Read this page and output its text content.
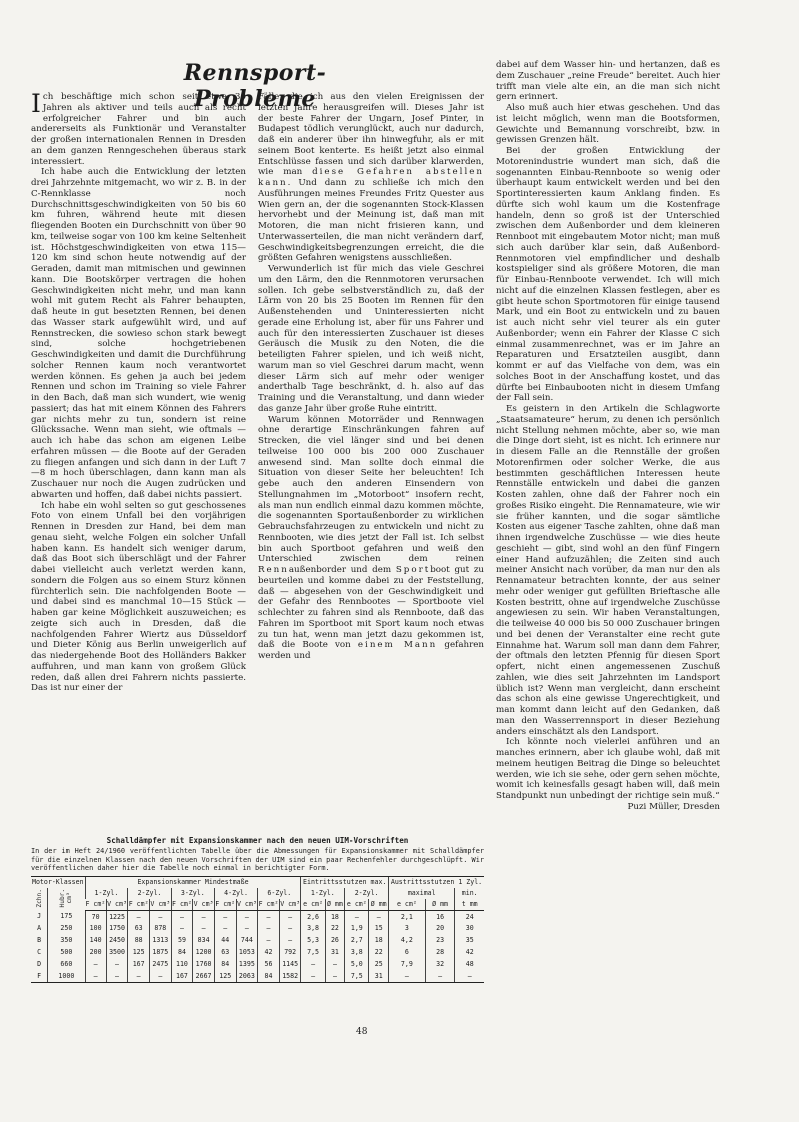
Rennsport-Probleme

Ich beschäftige mich schon seit etwa 30 Jahren als aktiver und teils auch als recht erfolgreicher Fahrer und bin auch andererseits als Funktionär und Veranstalter der großen internationalen Rennen in Dresden an dem ganzen Renngeschehen überaus stark interessiert.

Ich habe auch die Entwicklung der letzten drei Jahrzehnte mitgemacht, wo wir z. B. in der C-Rennklasse noch Durchschnittsgeschwindigkeiten von 50 bis 60 km fuhren, während heute mit diesen fliegenden Booten ein Durchschnitt von über 90 km, teilweise sogar von 100 km keine Seltenheit ist. Höchstgeschwindigkeiten von etwa 115—120 km sind schon heute notwendig auf der Geraden, damit man mitmischen und gewinnen kann. Die Bootskörper vertragen die hohen Geschwindigkeiten nicht mehr, und man kann wohl mit gutem Recht als Fahrer behaupten, daß heute in gut besetzten Rennen, bei denen das Wasser stark aufgewühlt wird, und auf Rennstrecken, die sowieso schon stark bewegt sind, solche hochgetriebenen Geschwindigkeiten und damit die Durchführung solcher Rennen kaum noch verantwortet werden können. Es gehen ja auch bei jedem Rennen und schon im Training so viele Fahrer in den Bach, daß man sich wundert, wie wenig passiert; das hat mit einem Können des Fahrers gar nichts mehr zu tun, sondern ist reine Glückssache. Wenn man sieht, wie oftmals — auch ich habe das schon am eigenen Leibe erfahren müssen — die Boote auf der Geraden zu fliegen anfangen und sich dann in der Luft 7—8 m hoch überschlagen, dann kann man als Zuschauer nur noch die Augen zudrücken und abwarten und hoffen, daß dabei nichts passiert.

Ich habe ein wohl selten so gut geschossenes Foto von einem Unfall bei den vorjährigen Rennen in Dresden zur Hand, bei dem man genau sieht, welche Folgen ein solcher Unfall haben kann. Es handelt sich weniger darum, daß das Boot sich überschlägt und der Fahrer dabei vielleicht auch verletzt werden kann, sondern die Folgen aus so einem Sturz können fürchterlich sein. Die nachfolgenden Boote — und dabei sind es manchmal 10—15 Stück — haben gar keine Möglichkeit auszuweichen; es zeigte sich auch in Dresden, daß die nachfolgenden Fahrer Wiertz aus Düsseldorf und Dieter König aus Berlin unweigerlich auf das niedergehende Boot des Holländers Bakker auffuhren, und man kann von großem Glück reden, daß allen drei Fahrern nichts passierte. Das ist nur einer der

Fälle, die ich aus den vielen Ereignissen der letzten Jahre herausgreifen will. Dieses Jahr ist der beste Fahrer der Ungarn, Josef Pinter, in Budapest tödlich verunglückt, auch nur dadurch, daß ein anderer über ihn hinwegfuhr, als er mit seinem Boot kenterte. Es heißt jetzt also einmal Entschlüsse fassen und sich darüber klarwerden, wie man diese Gefahren abstellen kann. Und dann zu schließe ich mich den Ausführungen meines Freundes Fritz Quester aus Wien gern an, der die sogenannten Stock-Klassen hervorhebt und der Meinung ist, daß man mit Motoren, die man nicht frisieren kann, und Unterwasserteilen, die man nicht verändern darf, Geschwindigkeitsbegrenzungen erreicht, die die größten Gefahren wenigstens ausschließen.

Verwunderlich ist für mich das viele Geschrei um den Lärm, den die Rennmotoren verursachen sollen. Ich gebe selbstverständlich zu, daß der Lärm von 20 bis 25 Booten im Rennen für den Außenstehenden und Uninteressierten nicht gerade eine Erholung ist, aber für uns Fahrer und auch für den interessierten Zuschauer ist dieses Geräusch die Musik zu den Noten, die die beteiligten Fahrer spielen, und ich weiß nicht, warum man so viel Geschrei darum macht, wenn dieser Lärm sich auf mehr oder weniger anderthalb Tage beschränkt, d. h. also auf das Training und die Veranstaltung, und dann wieder das ganze Jahr über große Ruhe eintritt.

Warum können Motorräder und Rennwagen ohne derartige Einschränkungen fahren auf Strecken, die viel länger sind und bei denen teilweise 100 000 bis 200 000 Zuschauer anwesend sind. Man sollte doch einmal die Situation von dieser Seite her beleuchten! Ich gebe auch den anderen Einsendern von Stellungnahmen im „Motorboot“ insofern recht, als man nun endlich einmal dazu kommen möchte, die sogenannten Sportaußenborder zu wirklichen Gebrauchsfahrzeugen zu entwickeln und nicht zu Rennbooten, wie dies jetzt der Fall ist. Ich selbst bin auch Sportboot gefahren und weiß den Unterschied zwischen dem reinen Rennaußenborder und dem Sportboot gut zu beurteilen und komme dabei zu der Feststellung, daß — abgesehen von der Geschwindigkeit und der Gefahr des Rennbootes — Sportboote viel schlechter zu fahren sind als Rennboote, daß das Fahren im Sportboot mit Sport kaum noch etwas zu tun hat, wenn man jetzt dazu gekommen ist, daß die Boote von einem Mann gefahren werden und

dabei auf dem Wasser hin- und hertanzen, daß es dem Zuschauer „reine Freude“ bereitet. Auch hier trifft man viele alte ein, an die man sich nicht gern erinnert.

Also muß auch hier etwas geschehen. Und das ist leicht möglich, wenn man die Bootsformen, Gewichte und Bemannung vorschreibt, bzw. in gewissen Grenzen hält.

Bei der großen Entwicklung der Motorenindustrie wundert man sich, daß die sogenannten Einbau-Rennboote so wenig oder überhaupt kaum entwickelt werden und bei den Sportinteressierten kaum Anklang finden. Es dürfte sich wohl kaum um die Kostenfrage handeln, denn so groß ist der Unterschied zwischen dem Außenborder und dem kleineren Rennboot mit eingebautem Motor nicht; man muß sich auch darüber klar sein, daß Außenbord-Rennmotoren viel empfindlicher und deshalb kostspieliger sind als größere Motoren, die man für Einbau-Rennboote verwendet. Ich will mich nicht auf die einzelnen Klassen festlegen, aber es gibt heute schon Sportmotoren für einige tausend Mark, und ein Boot zu entwickeln und zu bauen ist auch nicht sehr viel teurer als ein guter Außenborder; wenn ein Fahrer der Klasse C sich einmal zusammenrechnet, was er im Jahre an Reparaturen und Ersatzteilen ausgibt, dann kommt er auf das Vielfache von dem, was ein solches Boot in der Anschaffung kostet, und das dürfte bei Einbaubooten nicht in diesem Umfang der Fall sein.

Es geistern in den Artikeln die Schlagworte „Staatsamateure“ herum, zu denen ich persönlich nicht Stellung nehmen möchte, aber so, wie man die Dinge dort sieht, ist es nicht. Ich erinnere nur in diesem Falle an die Rennställe der großen Motorenfirmen oder solcher Werke, die aus bestimmten geschäftlichen Interessen heute Rennställe entwickeln und dabei die ganzen Kosten zahlen, ohne daß der Fahrer noch ein großes Risiko eingeht. Die Rennamateure, wie wir sie früher kannten, und die sogar sämtliche Kosten aus eigener Tasche zahlten, ohne daß man ihnen irgendwelche Zuschüsse — wie dies heute geschieht — gibt, sind wohl an den fünf Fingern einer Hand aufzuzählen; die Zeiten sind auch meiner Ansicht nach vorüber, da man nur den als Rennamateur betrachten konnte, der aus seiner mehr oder weniger gut gefüllten Brieftasche alle Kosten bestritt, ohne auf irgendwelche Zuschüsse angewiesen zu sein. Wir haben Veranstaltungen, die teilweise 40 000 bis 50 000 Zuschauer bringen und bei denen der Veranstalter eine recht gute Einnahme hat. Warum soll man dann dem Fahrer, der oftmals den letzten Pfennig für diesen Sport opfert, nicht einen angemessenen Zuschuß zahlen, wie dies seit Jahrzehnten im Landsport üblich ist? Wenn man vergleicht, dann erscheint das schon als eine gewisse Ungerechtigkeit, und man kommt dann leicht auf den Gedanken, daß man den Wasserrennsport in dieser Beziehung anders einschätzt als den Landsport.

Ich könnte noch vielerlei anführen und an manches erinnern, aber ich glaube wohl, daß mit meinem heutigen Beitrag die Dinge so beleuchtet werden, wie ich sie sehe, oder gern sehen möchte, womit ich keinesfalls gesagt haben will, daß mein Standpunkt nun unbedingt der richtige sein muß.“

Puzi Müller, Dresden

Schalldämpfer mit Expansionskammer nach den neuen UIM-Vorschriften
In der im Heft 24/1960 veröffentlichten Tabelle über die Abmessungen für Expansionskammer mit Schalldämpfer für die einzelnen Klassen nach den neuen Vorschriften der UIM sind ein paar Rechenfehler durchgeschlüpft. Wir veröffentlichen daher hier die Tabelle noch einmal in berichtigter Form.
Motor-Klassen		Expansionskammer Mindestmaße										Eintrittsstutzen max.				Austrittsstutzen 1 Zyl.		
Zchn.	Hubr. cm³	1-Zyl.		2-Zyl.		3-Zyl.		4-Zyl.		6-Zyl.		1-Zyl.		2-Zyl.		maximal		min.
		F cm²	V cm³	F cm²	V cm³	F cm²	V cm³	F cm²	V cm³	F cm²	V cm³	e cm²	Ø mm	e cm²	Ø mm	e cm²	Ø mm	t mm
J	175	70	1225	—	—	—	—	—	—	—	—	2,6	18	—	—	2,1	16	24
A	250	100	1750	63	878	—	—	—	—	—	—	3,8	22	1,9	15	3	20	30
B	350	140	2450	88	1313	59	834	44	744	—	—	5,3	26	2,7	18	4,2	23	35
C	500	200	3500	125	1875	84	1200	63	1053	42	792	7,5	31	3,8	22	6	28	42
D	660	—	—	167	2475	110	1760	84	1395	56	1145	—	—	5,0	25	7,9	32	48
F	1000	—	—	—	—	167	2667	125	2063	84	1582	—	—	7,5	31	—	—	—
48
